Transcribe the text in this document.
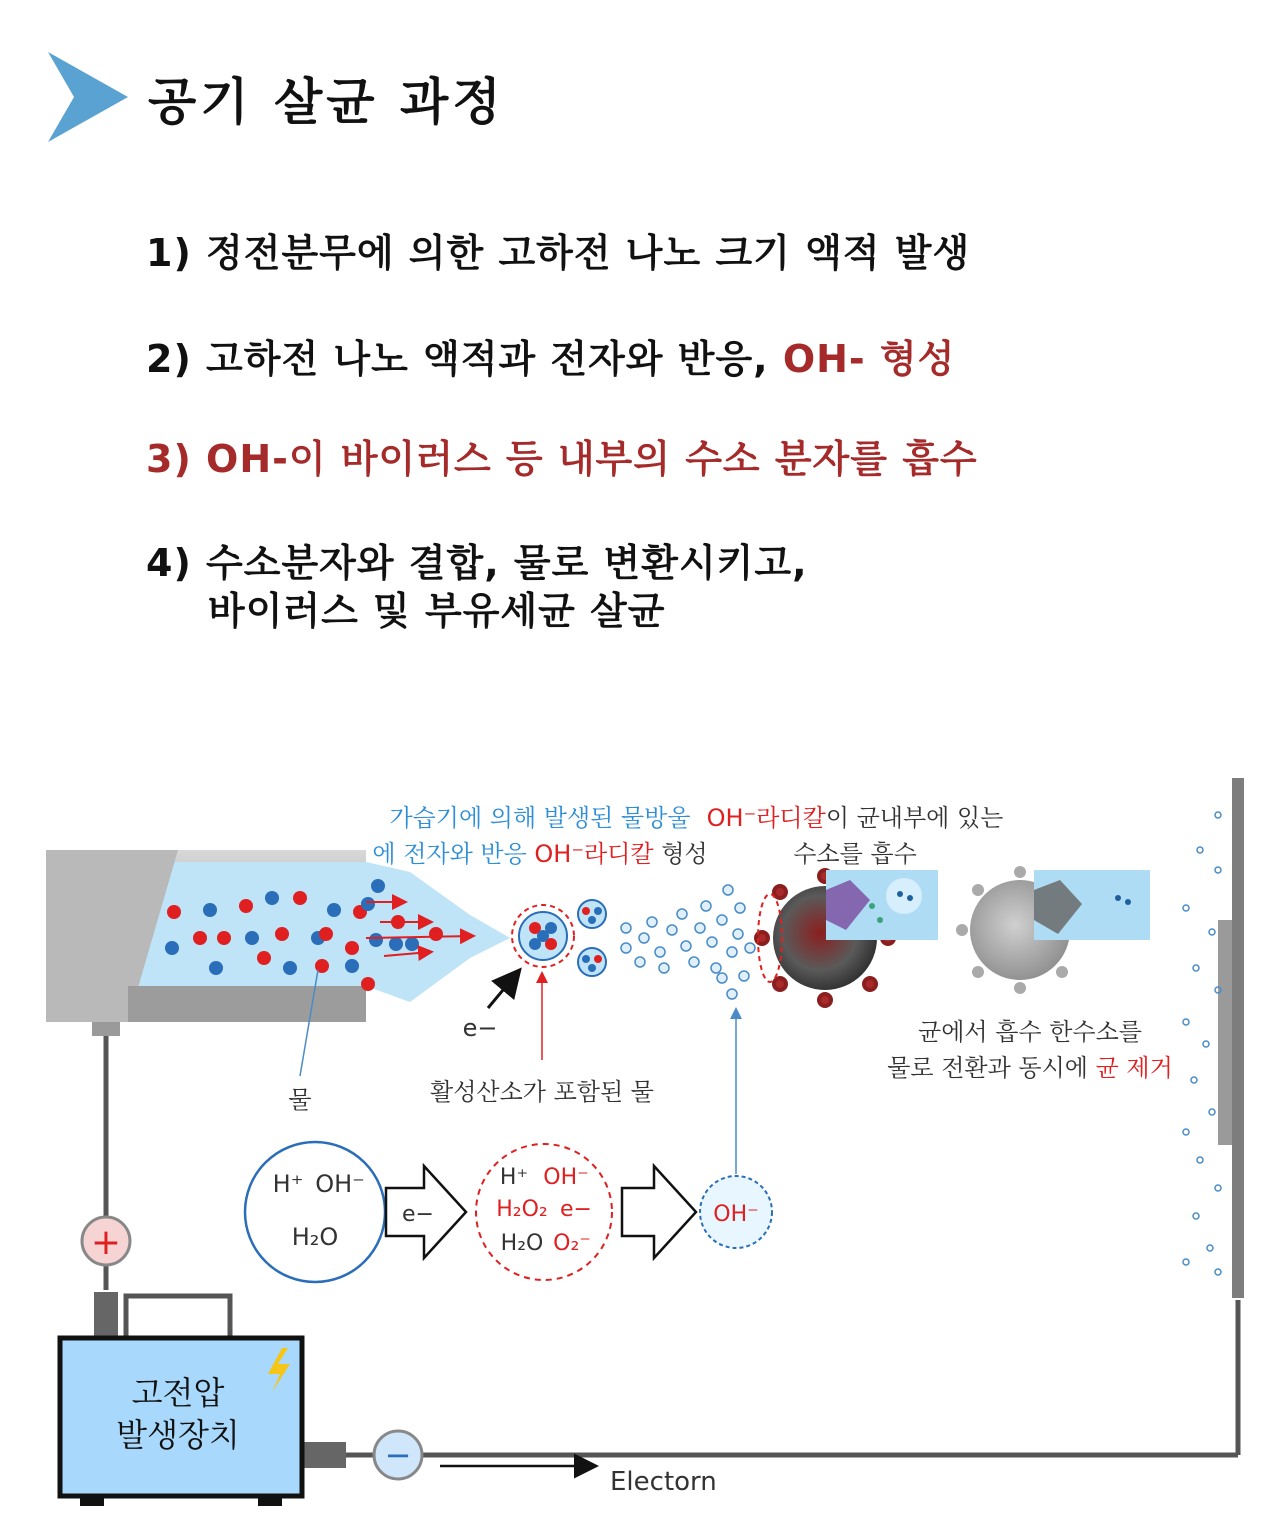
공기 살균 과정
1) 정전분무에 의한 고하전 나노 크기 액적 발생
2) 고하전 나노 액적과 전자와 반응, OH- 형성
3) OH-이 바이러스 등 내부의 수소 분자를 흡수
4) 수소분자와 결합, 물로 변환시키고,
바이러스 및 부유세균 살균
가습기에 의해 발생된 물방울
에 전자와 반응 OH⁻라디칼 형성
OH⁻라디칼이 균내부에 있는
수소를 흡수
물
e−
활성산소가 포함된 물
균에서 흡수 한수소를
물로 전환과 동시에 균 제거
H⁺ OH⁻
H₂O
e−
H⁺ OH⁻
H₂O₂ e−
H₂O O₂⁻
OH⁻
+
−
고전압
발생장치
Electorn
